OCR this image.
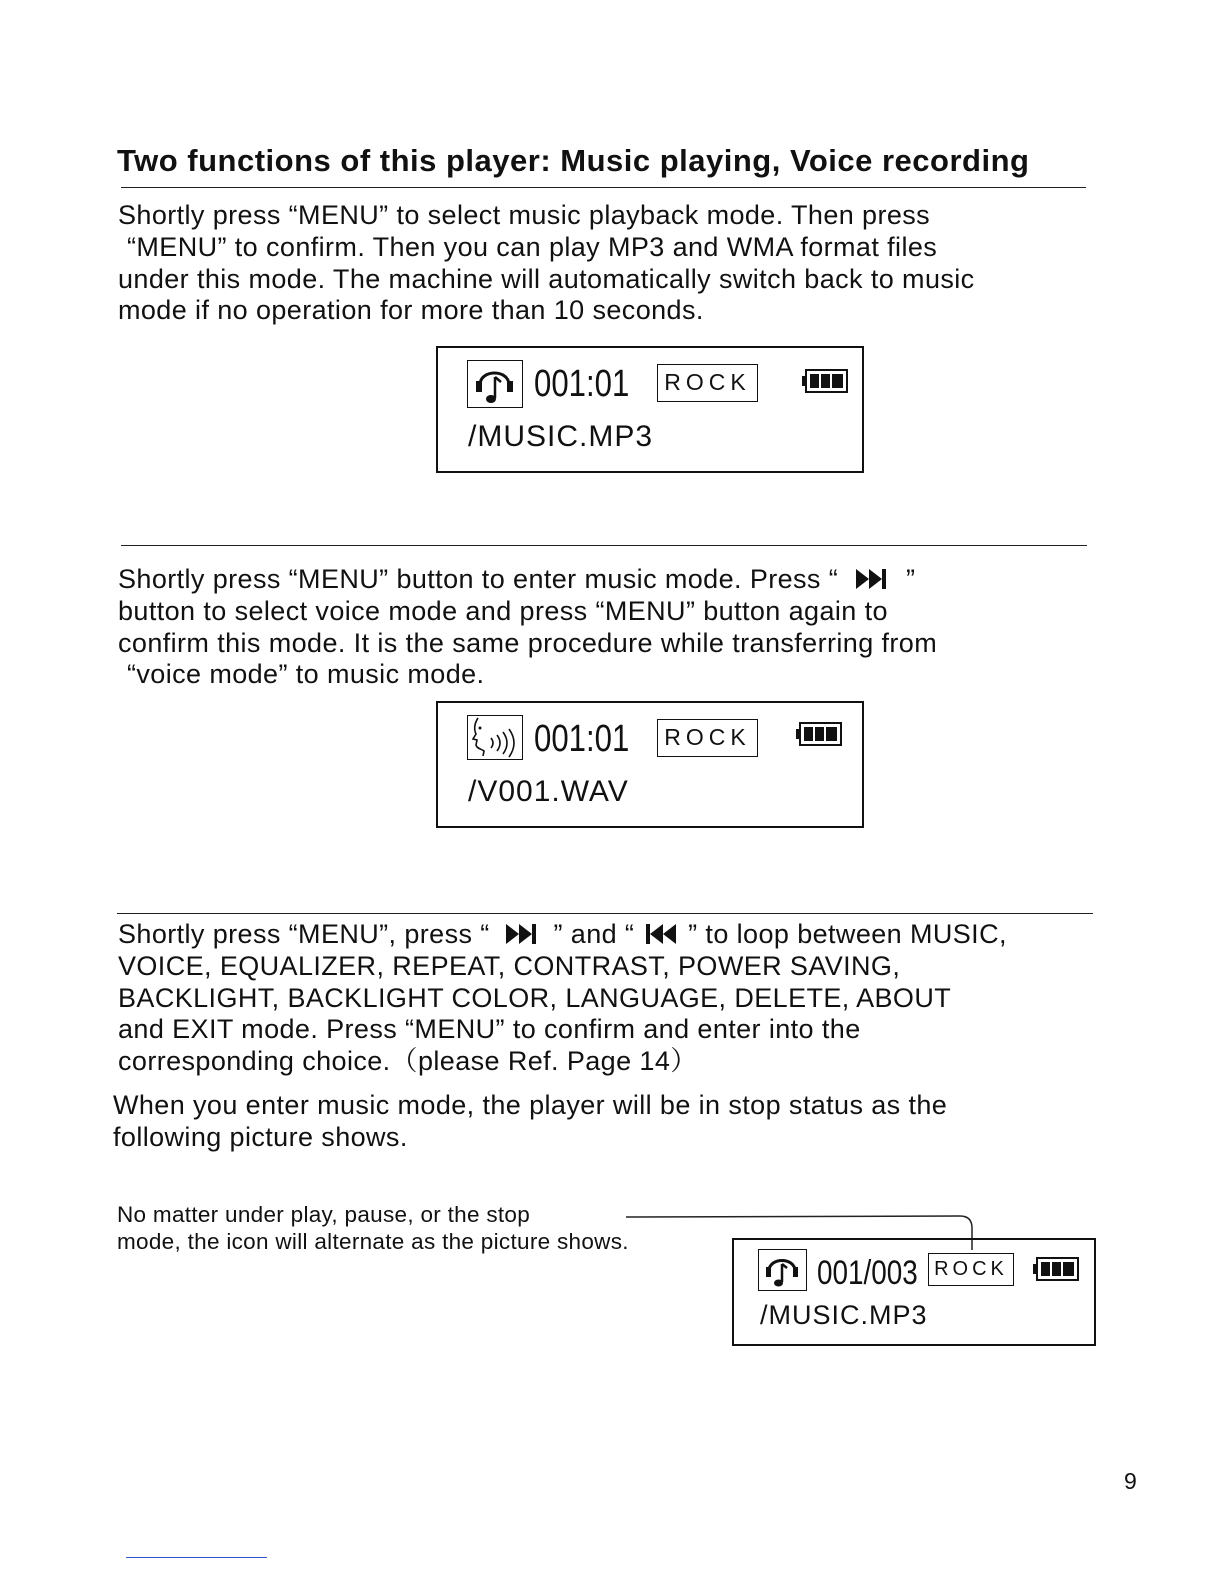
Two functions of this player: Music playing, Voice recording
Shortly press “MENU” to select music playback mode. Then press
“MENU” to confirm. Then you can play MP3 and WMA format files
under this mode. The machine will automatically switch back to music
mode if no operation for more than 10 seconds.
001:01	ROCK
/MUSIC.MP3
Shortly press “MENU” button to enter music mode. Press “	”
button to select voice mode and press “MENU” button again to
confirm this mode. It is the same procedure while transferring from
“voice mode” to music mode.
001:01	ROCK
/V001.WAV
Shortly press “MENU”, press “ ” and “ ” to loop between MUSIC,
VOICE, EQUALIZER, REPEAT, CONTRAST, POWER SAVING,
BACKLIGHT, BACKLIGHT COLOR, LANGUAGE, DELETE, ABOUT
and EXIT mode. Press “MENU” to confirm and enter into the
corresponding choice.（please Ref. Page 14）
When you enter music mode, the player will be in stop status as the
following picture shows.
No matter under play, pause, or the stop
mode, the icon will alternate as the picture shows.
001/003 ROCK
/MUSIC.MP3
9
